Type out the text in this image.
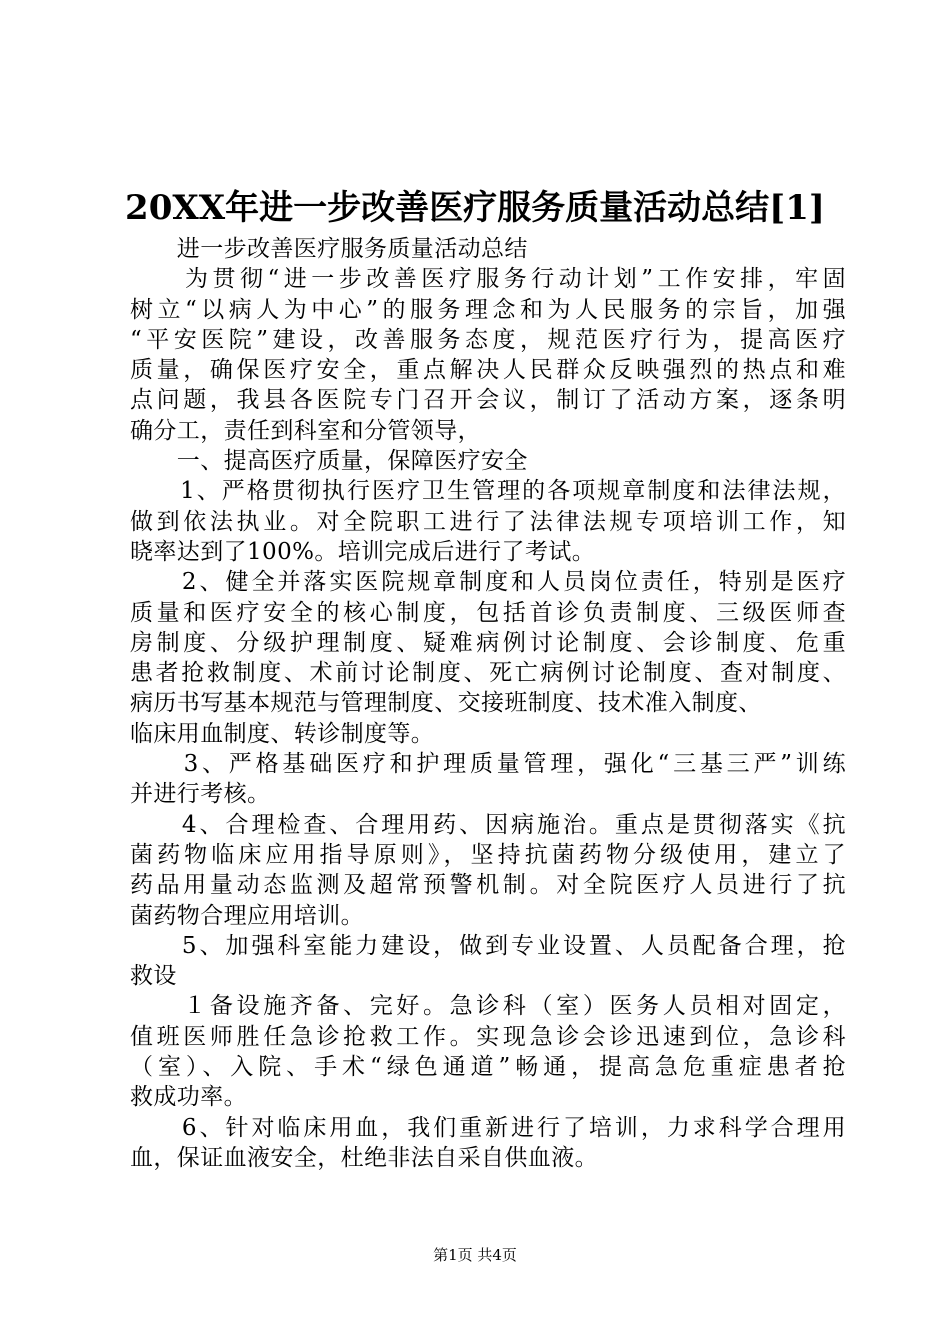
20XX年进一步改善医疗服务质量活动总结[1]
　　进一步改善医疗服务质量活动总结
　　为贯彻“进一步改善医疗服务行动计划”工作安排，牢固
树立“以病人为中心”的服务理念和为人民服务的宗旨，加强
“平安医院”建设，改善服务态度，规范医疗行为，提高医疗
质量，确保医疗安全，重点解决人民群众反映强烈的热点和难
点问题，我县各医院专门召开会议，制订了活动方案，逐条明
确分工，责任到科室和分管领导，
　　一、提高医疗质量，保障医疗安全
　　1、严格贯彻执行医疗卫生管理的各项规章制度和法律法规，
做到依法执业。对全院职工进行了法律法规专项培训工作，知
晓率达到了100%。培训完成后进行了考试。
　　2、健全并落实医院规章制度和人员岗位责任，特别是医疗
质量和医疗安全的核心制度，包括首诊负责制度、三级医师查
房制度、分级护理制度、疑难病例讨论制度、会诊制度、危重
患者抢救制度、术前讨论制度、死亡病例讨论制度、查对制度、
病历书写基本规范与管理制度、交接班制度、技术准入制度、
临床用血制度、转诊制度等。
　　3、严格基础医疗和护理质量管理，强化“三基三严”训练
并进行考核。
　　4、合理检查、合理用药、因病施治。重点是贯彻落实《抗
菌药物临床应用指导原则》，坚持抗菌药物分级使用，建立了
药品用量动态监测及超常预警机制。对全院医疗人员进行了抗
菌药物合理应用培训。
　　5、加强科室能力建设，做到专业设置、人员配备合理，抢
救设
　　１备设施齐备、完好。急诊科（室）医务人员相对固定，
值班医师胜任急诊抢救工作。实现急诊会诊迅速到位，急诊科
（室）、入院、手术“绿色通道”畅通，提高急危重症患者抢
救成功率。
　　6、针对临床用血，我们重新进行了培训，力求科学合理用
血，保证血液安全，杜绝非法自采自供血液。
第1页 共4页
